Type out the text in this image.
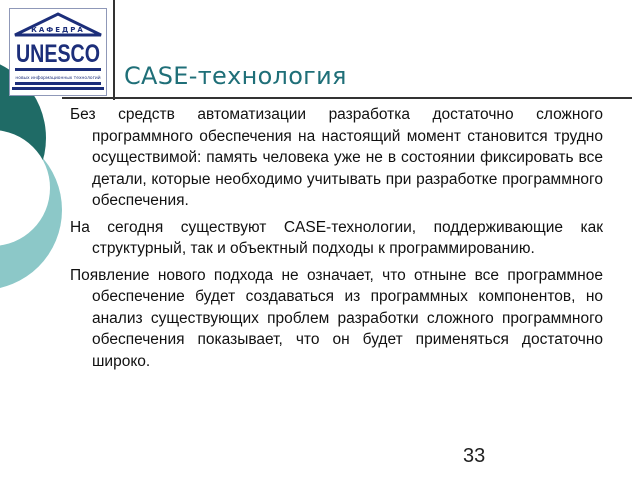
КАФЕДРА
UNESCO
новых информационных технологий CASE-технология

Без средств автоматизации разработка достаточно сложного программного обеспечения на настоящий момент становится трудно осуществимой: память человека уже не в состоянии фиксировать все детали, которые необходимо учитывать при разработке программного обеспечения.

На сегодня существуют CASE-технологии, поддерживающие как структурный, так и объектный подходы к программированию.

Появление нового подхода не означает, что отныне все программное обеспечение будет создаваться из программных компонентов, но анализ существующих проблем разработки сложного программного обеспечения показывает, что он будет применяться достаточно широко.

33
